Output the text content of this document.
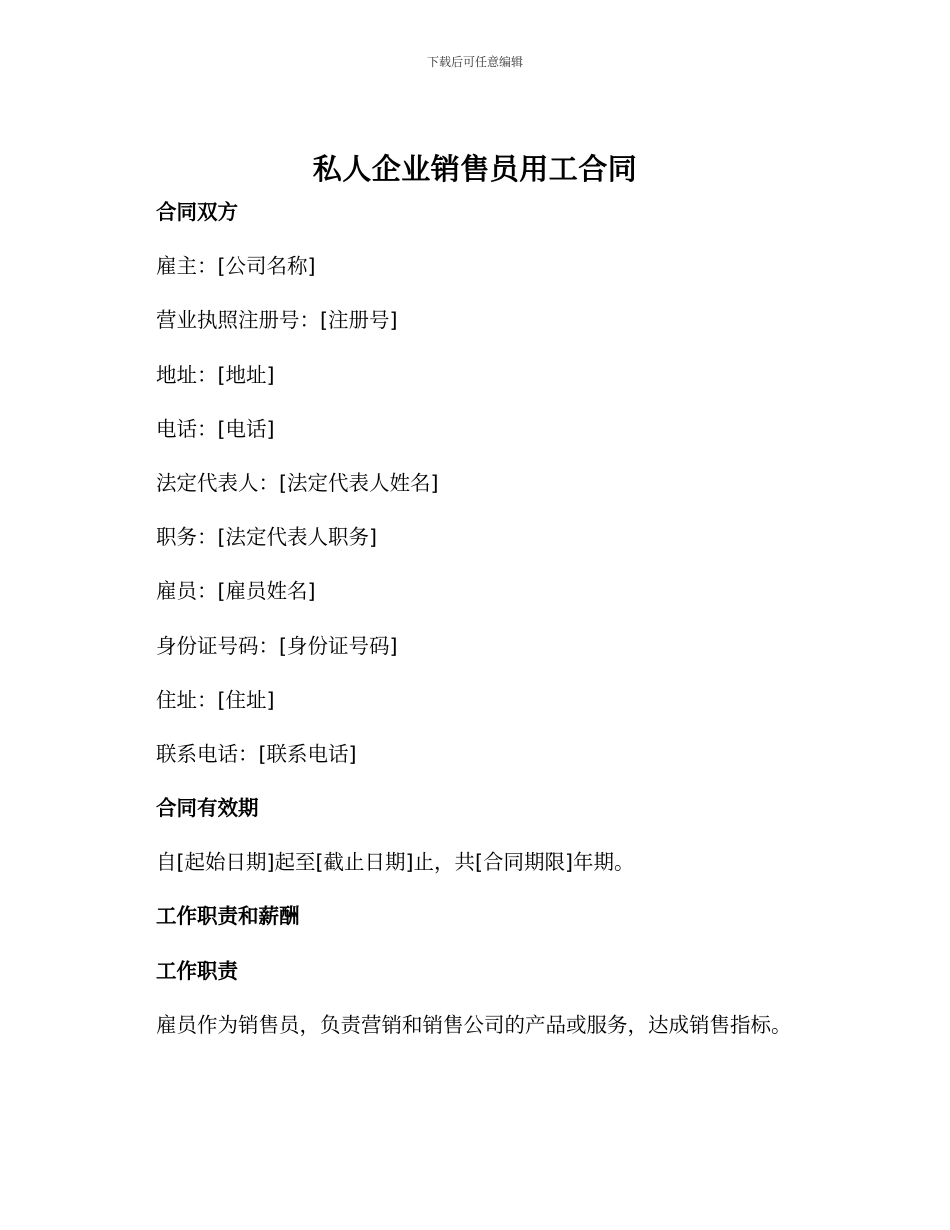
下载后可任意编辑
私人企业销售员用工合同
合同双方
雇主：[公司名称]
营业执照注册号：[注册号]
地址：[地址]
电话：[电话]
法定代表人：[法定代表人姓名]
职务：[法定代表人职务]
雇员：[雇员姓名]
身份证号码：[身份证号码]
住址：[住址]
联系电话：[联系电话]
合同有效期
自[起始日期]起至[截止日期]止，共[合同期限]年期。
工作职责和薪酬
工作职责
雇员作为销售员，负责营销和销售公司的产品或服务，达成销售指标。
